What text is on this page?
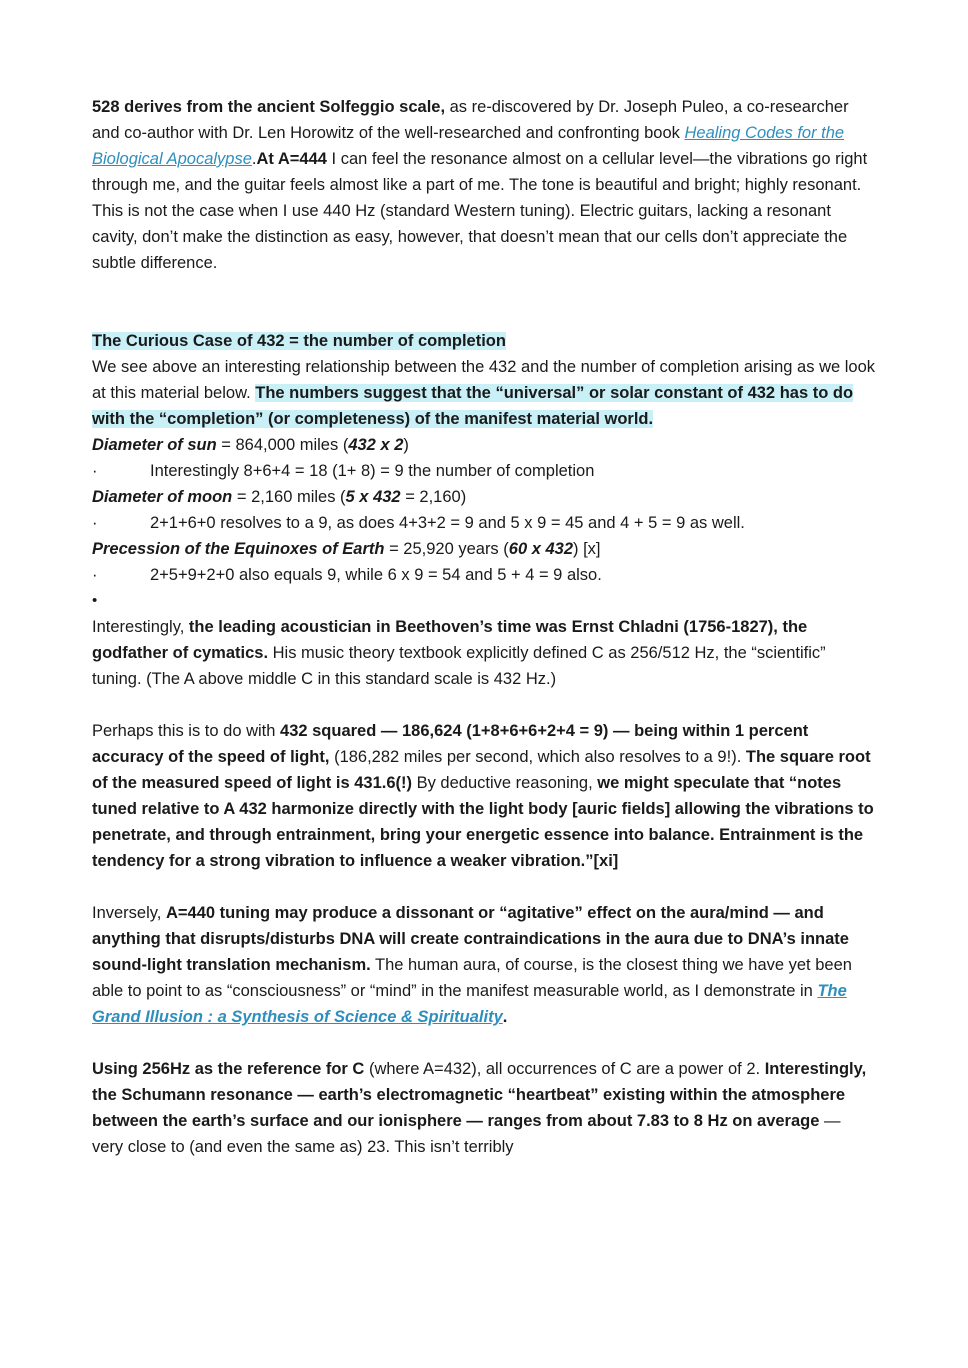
528 derives from the ancient Solfeggio scale, as re-discovered by Dr. Joseph Puleo, a co-researcher and co-author with Dr. Len Horowitz of the well-researched and confronting book Healing Codes for the Biological Apocalypse.At A=444 I can feel the resonance almost on a cellular level—the vibrations go right through me, and the guitar feels almost like a part of me. The tone is beautiful and bright; highly resonant. This is not the case when I use 440 Hz (standard Western tuning). Electric guitars, lacking a resonant cavity, don’t make the distinction as easy, however, that doesn’t mean that our cells don’t appreciate the subtle difference.
The Curious Case of 432 = the number of completion
We see above an interesting relationship between the 432 and the number of completion arising as we look at this material below. The numbers suggest that the “universal” or solar constant of 432 has to do with the “completion” (or completeness) of the manifest material world.
Diameter of sun = 864,000 miles (432 x 2)
·	Interestingly 8+6+4 = 18 (1+ 8) = 9 the number of completion
Diameter of moon = 2,160 miles (5 x 432 = 2,160)
·	2+1+6+0 resolves to a 9, as does 4+3+2 = 9 and 5 x 9 = 45 and 4 + 5 = 9 as well.
Precession of the Equinoxes of Earth = 25,920 years (60 x 432) [x]
·	2+5+9+2+0 also equals 9, while 6 x 9 = 54 and 5 + 4 = 9 also.
•
Interestingly, the leading acoustician in Beethoven’s time was Ernst Chladni (1756-1827), the godfather of cymatics. His music theory textbook explicitly defined C as 256/512 Hz, the “scientific” tuning. (The A above middle C in this standard scale is 432 Hz.)
Perhaps this is to do with 432 squared — 186,624 (1+8+6+6+2+4 = 9) — being within 1 percent accuracy of the speed of light, (186,282 miles per second, which also resolves to a 9!). The square root of the measured speed of light is 431.6(!) By deductive reasoning, we might speculate that “notes tuned relative to A 432 harmonize directly with the light body [auric fields] allowing the vibrations to penetrate, and through entrainment, bring your energetic essence into balance. Entrainment is the tendency for a strong vibration to influence a weaker vibration.”[xi]
Inversely, A=440 tuning may produce a dissonant or “agitative” effect on the aura/mind — and anything that disrupts/disturbs DNA will create contraindications in the aura due to DNA’s innate sound-light translation mechanism. The human aura, of course, is the closest thing we have yet been able to point to as “consciousness” or “mind” in the manifest measurable world, as I demonstrate in The Grand Illusion : a Synthesis of Science & Spirituality.
Using 256Hz as the reference for C (where A=432), all occurrences of C are a power of 2. Interestingly, the Schumann resonance — earth’s electromagnetic “heartbeat” existing within the atmosphere between the earth’s surface and our ionisphere — ranges from about 7.83 to 8 Hz on average — very close to (and even the same as) 23. This isn’t terribly
